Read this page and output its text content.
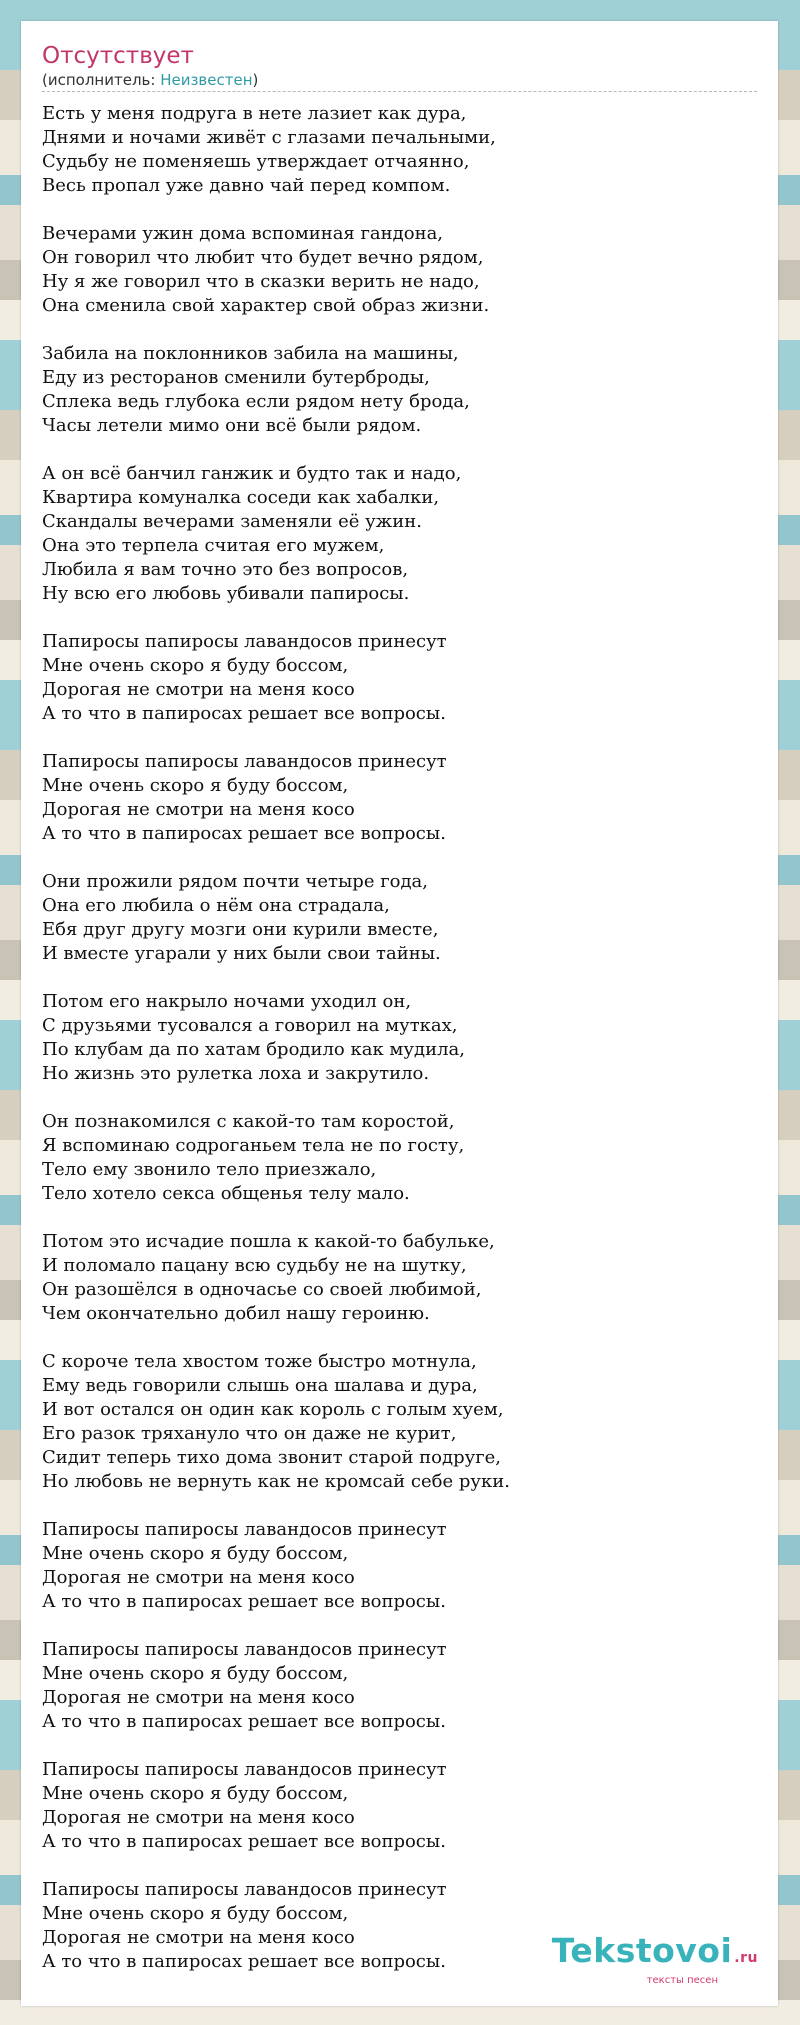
Отсутствует
(исполнитель: Неизвестен)
Есть у меня подруга в нете лазиет как дура,
Днями и ночами живёт с глазами печальными,
Судьбу не поменяешь утверждает отчаянно,
Весь пропал уже давно чай перед компом.
Вечерами ужин дома вспоминая гандона,
Он говорил что любит что будет вечно рядом,
Ну я же говорил что в сказки верить не надо,
Она сменила свой характер свой образ жизни.
Забила на поклонников забила на машины,
Еду из ресторанов сменили бутерброды,
Сплека ведь глубока если рядом нету брода,
Часы летели мимо они всё были рядом.
А он всё банчил ганжик и будто так и надо,
Квартира комуналка соседи как хабалки,
Скандалы вечерами заменяли её ужин.
Она это терпела считая его мужем,
Любила я вам точно это без вопросов,
Ну всю его любовь убивали папиросы.
Папиросы папиросы лавандосов принесут
Мне очень скоро я буду боссом,
Дорогая не смотри на меня косо
А то что в папиросах решает все вопросы.
Папиросы папиросы лавандосов принесут
Мне очень скоро я буду боссом,
Дорогая не смотри на меня косо
А то что в папиросах решает все вопросы.
Они прожили рядом почти четыре года,
Она его любила о нём она страдала,
Ебя друг другу мозги они курили вместе,
И вместе угарали у них были свои тайны.
Потом его накрыло ночами уходил он,
С друзьями тусовался а говорил на мутках,
По клубам да по хатам бродило как мудила,
Но жизнь это рулетка лоха и закрутило.
Он познакомился с какой-то там коростой,
Я вспоминаю содроганьем тела не по госту,
Тело ему звонило тело приезжало,
Тело хотело секса общенья телу мало.
Потом это исчадие пошла к какой-то бабульке,
И поломало пацану всю судьбу не на шутку,
Он разошёлся в одночасье со своей любимой,
Чем окончательно добил нашу героиню.
С короче тела хвостом тоже быстро мотнула,
Ему ведь говорили слышь она шалава и дура,
И вот остался он один как король с голым хуем,
Его разок тряхануло что он даже не курит,
Сидит теперь тихо дома звонит старой подруге,
Но любовь не вернуть как не кромсай себе руки.
Папиросы папиросы лавандосов принесут
Мне очень скоро я буду боссом,
Дорогая не смотри на меня косо
А то что в папиросах решает все вопросы.
Папиросы папиросы лавандосов принесут
Мне очень скоро я буду боссом,
Дорогая не смотри на меня косо
А то что в папиросах решает все вопросы.
Папиросы папиросы лавандосов принесут
Мне очень скоро я буду боссом,
Дорогая не смотри на меня косо
А то что в папиросах решает все вопросы.
Папиросы папиросы лавандосов принесут
Мне очень скоро я буду боссом,
Дорогая не смотри на меня косо
А то что в папиросах решает все вопросы.	Tekstovoi .ru
тексты песен
